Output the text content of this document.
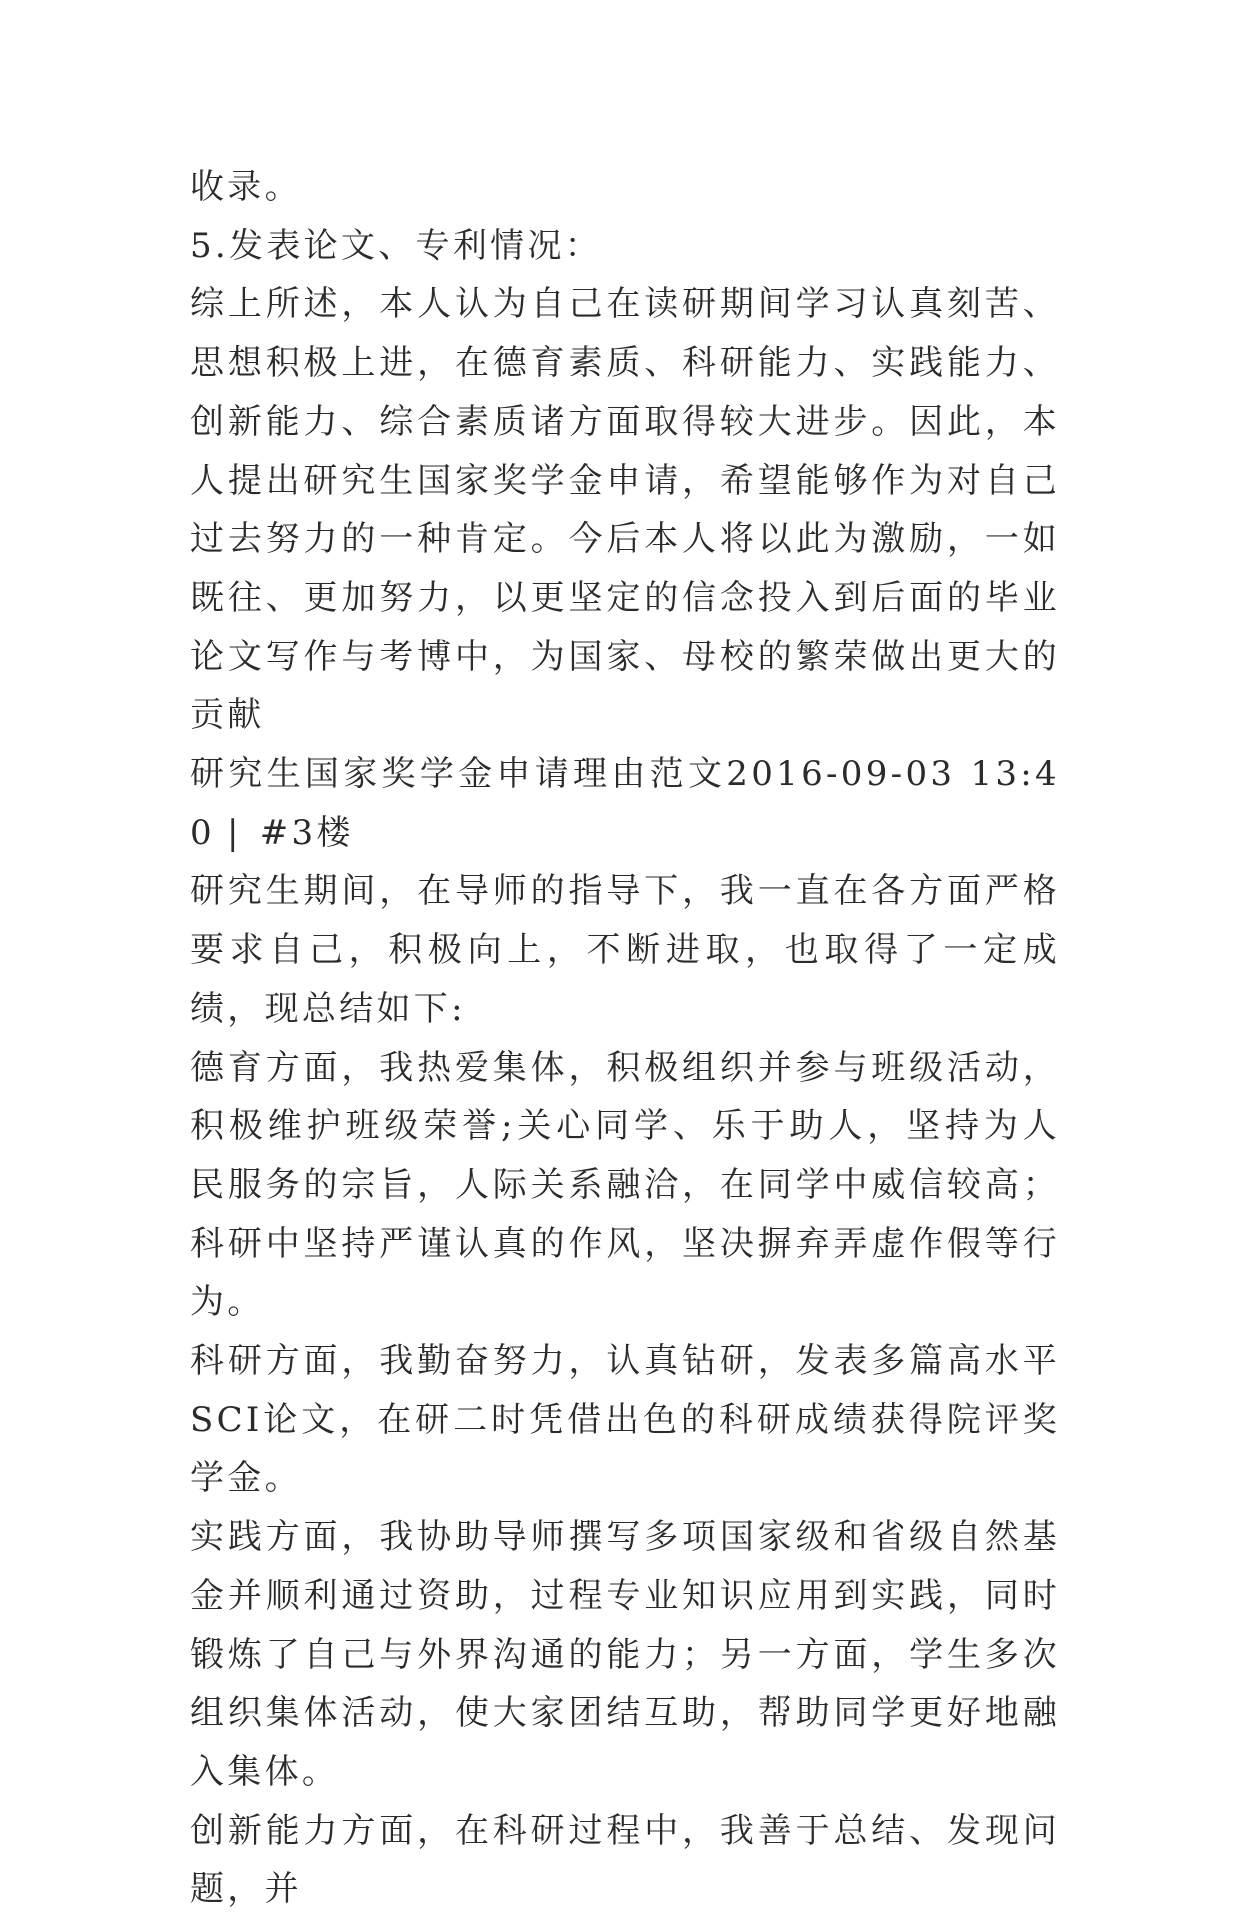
收录。

5.发表论文、专利情况：

综上所述，本人认为自己在读研期间学习认真刻苦、思想积极上进，在德育素质、科研能力、实践能力、创新能力、综合素质诸方面取得较大进步。因此，本人提出研究生国家奖学金申请，希望能够作为对自己过去努力的一种肯定。今后本人将以此为激励，一如既往、更加努力，以更坚定的信念投入到后面的毕业论文写作与考博中，为国家、母校的繁荣做出更大的贡献

研究生国家奖学金申请理由范文2016-09-03 13:40 | #3楼

研究生期间，在导师的指导下，我一直在各方面严格要求自己，积极向上，不断进取，也取得了一定成绩，现总结如下:

德育方面，我热爱集体，积极组织并参与班级活动，积极维护班级荣誉;关心同学、乐于助人，坚持为人民服务的宗旨，人际关系融洽，在同学中威信较高；科研中坚持严谨认真的作风，坚决摒弃弄虚作假等行为。

科研方面，我勤奋努力，认真钻研，发表多篇高水平SCI论文，在研二时凭借出色的科研成绩获得院评奖学金。

实践方面，我协助导师撰写多项国家级和省级自然基金并顺利通过资助，过程专业知识应用到实践，同时锻炼了自己与外界沟通的能力；另一方面，学生多次组织集体活动，使大家团结互助，帮助同学更好地融入集体。

创新能力方面，在科研过程中，我善于总结、发现问题，并
